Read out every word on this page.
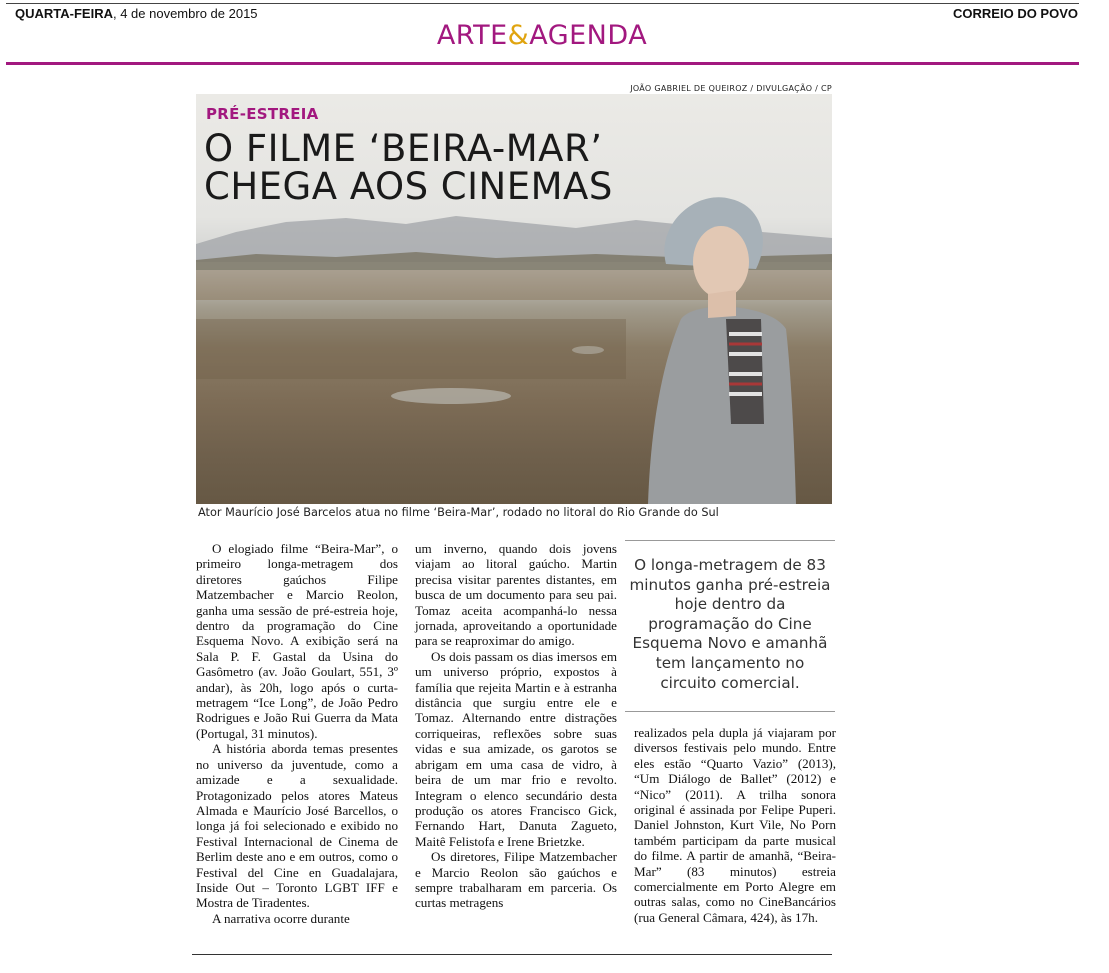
QUARTA-FEIRA, 4 de novembro de 2015	CORREIO DO POVO
ARTE&AGENDA
JOÃO GABRIEL DE QUEIROZ / DIVULGAÇÃO / CP
PRÉ-ESTREIA
O FILME ‘BEIRA-MAR’
CHEGA AOS CINEMAS
Ator Maurício José Barcelos atua no filme ‘Beira-Mar’, rodado no litoral do Rio Grande do Sul

O elogiado filme “Beira-Mar”, o primeiro longa-metragem dos diretores gaúchos Filipe Matzembacher e Marcio Reolon, ganha uma sessão de pré-estreia hoje, dentro da programação do Cine Esquema Novo. A exibição será na Sala P. F. Gastal da Usina do Gasômetro (av. João Goulart, 551, 3º andar), às 20h, logo após o curta-metragem “Ice Long”, de João Pedro Rodrigues e João Rui Guerra da Mata (Portugal, 31 minutos).

A história aborda temas presentes no universo da juventude, como a amizade e a sexualidade. Protagonizado pelos atores Mateus Almada e Maurício José Barcellos, o longa já foi selecionado e exibido no Festival Internacional de Cinema de Berlim deste ano e em outros, como o Festival del Cine en Guadalajara, Inside Out – Toronto LGBT IFF e Mostra de Tiradentes.

A narrativa ocorre durante

um inverno, quando dois jovens viajam ao litoral gaúcho. Martin precisa visitar parentes distantes, em busca de um documento para seu pai. Tomaz aceita acompanhá-lo nessa jornada, aproveitando a oportunidade para se reaproximar do amigo.

Os dois passam os dias imersos em um universo próprio, expostos à família que rejeita Martin e à estranha distância que surgiu entre ele e Tomaz. Alternando entre distrações corriqueiras, reflexões sobre suas vidas e sua amizade, os garotos se abrigam em uma casa de vidro, à beira de um mar frio e revolto. Integram o elenco secundário desta produção os atores Francisco Gick, Fernando Hart, Danuta Zagueto, Maitê Felistofa e Irene Brietzke.

Os diretores, Filipe Matzembacher e Marcio Reolon são gaúchos e sempre trabalharam em parceria. Os curtas metragens

O longa-metragem de 83 minutos ganha pré-estreia hoje dentro da programação do Cine Esquema Novo e amanhã tem lançamento no circuito comercial.

realizados pela dupla já viajaram por diversos festivais pelo mundo. Entre eles estão “Quarto Vazio” (2013), “Um Diálogo de Ballet” (2012) e “Nico” (2011). A trilha sonora original é assinada por Felipe Puperi. Daniel Johnston, Kurt Vile, No Porn também participam da parte musical do filme. A partir de amanhã, “Beira-Mar” (83 minutos) estreia comercialmente em Porto Alegre em outras salas, como no CineBancários (rua General Câmara, 424), às 17h.
